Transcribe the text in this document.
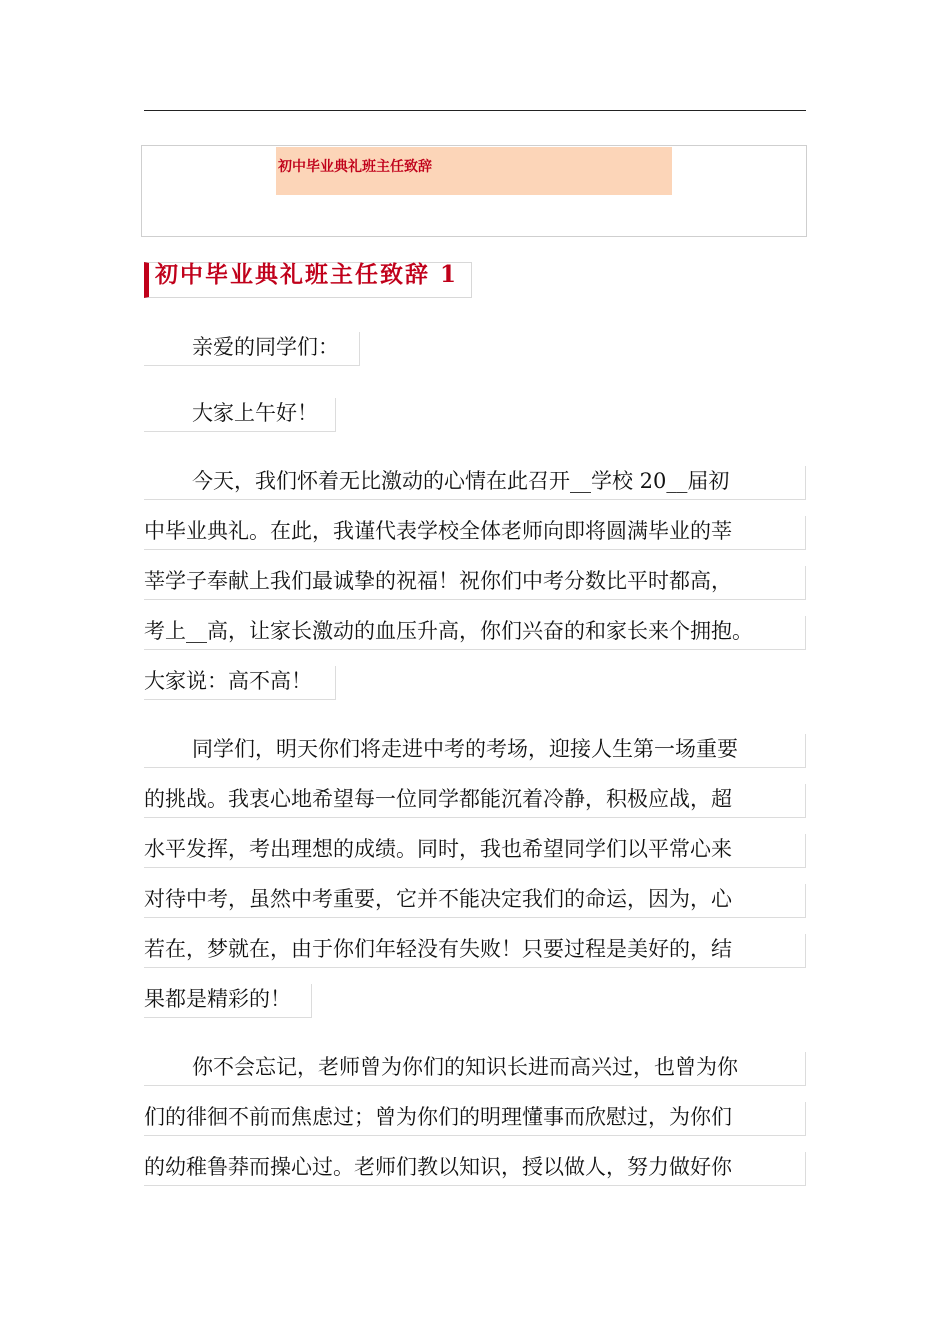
初中毕业典礼班主任致辞
初中毕业典礼班主任致辞 1
亲爱的同学们：
大家上午好！
今天，我们怀着无比激动的心情在此召开__学校 20__届初
中毕业典礼。在此，我谨代表学校全体老师向即将圆满毕业的莘
莘学子奉献上我们最诚挚的祝福！祝你们中考分数比平时都高，
考上__高，让家长激动的血压升高，你们兴奋的和家长来个拥抱。
大家说：高不高！
同学们，明天你们将走进中考的考场，迎接人生第一场重要
的挑战。我衷心地希望每一位同学都能沉着冷静，积极应战，超
水平发挥，考出理想的成绩。同时，我也希望同学们以平常心来
对待中考，虽然中考重要，它并不能决定我们的命运，因为，心
若在，梦就在，由于你们年轻没有失败！只要过程是美好的，结
果都是精彩的！
你不会忘记，老师曾为你们的知识长进而高兴过，也曾为你
们的徘徊不前而焦虑过；曾为你们的明理懂事而欣慰过，为你们
的幼稚鲁莽而操心过。老师们教以知识，授以做人，努力做好你
